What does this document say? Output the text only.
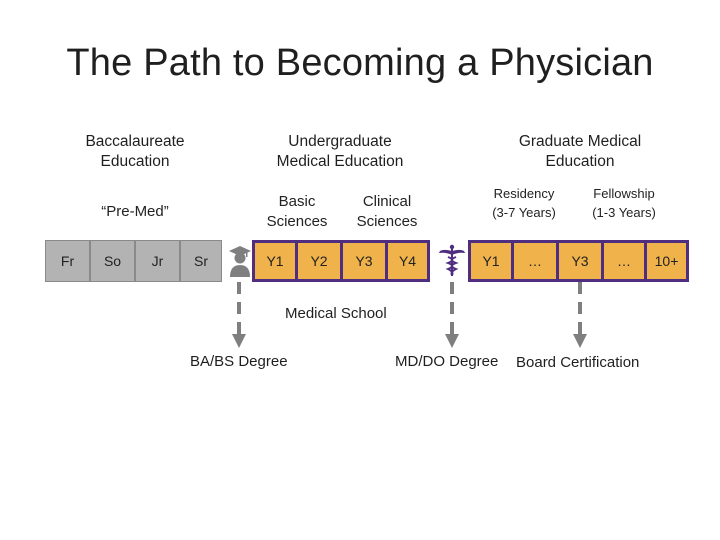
The Path to Becoming a Physician
Baccalaureate
Education
Undergraduate
Medical Education
Graduate Medical
Education
“Pre-Med”
Basic
Sciences
Clinical
Sciences
Residency
(3-7 Years)
Fellowship
(1-3 Years)
Fr	So	Jr	Sr	Y1	Y2	Y3	Y4	Y1	…	Y3	…	10+
Medical School
BA/BS Degree	MD/DO Degree Board Certification
